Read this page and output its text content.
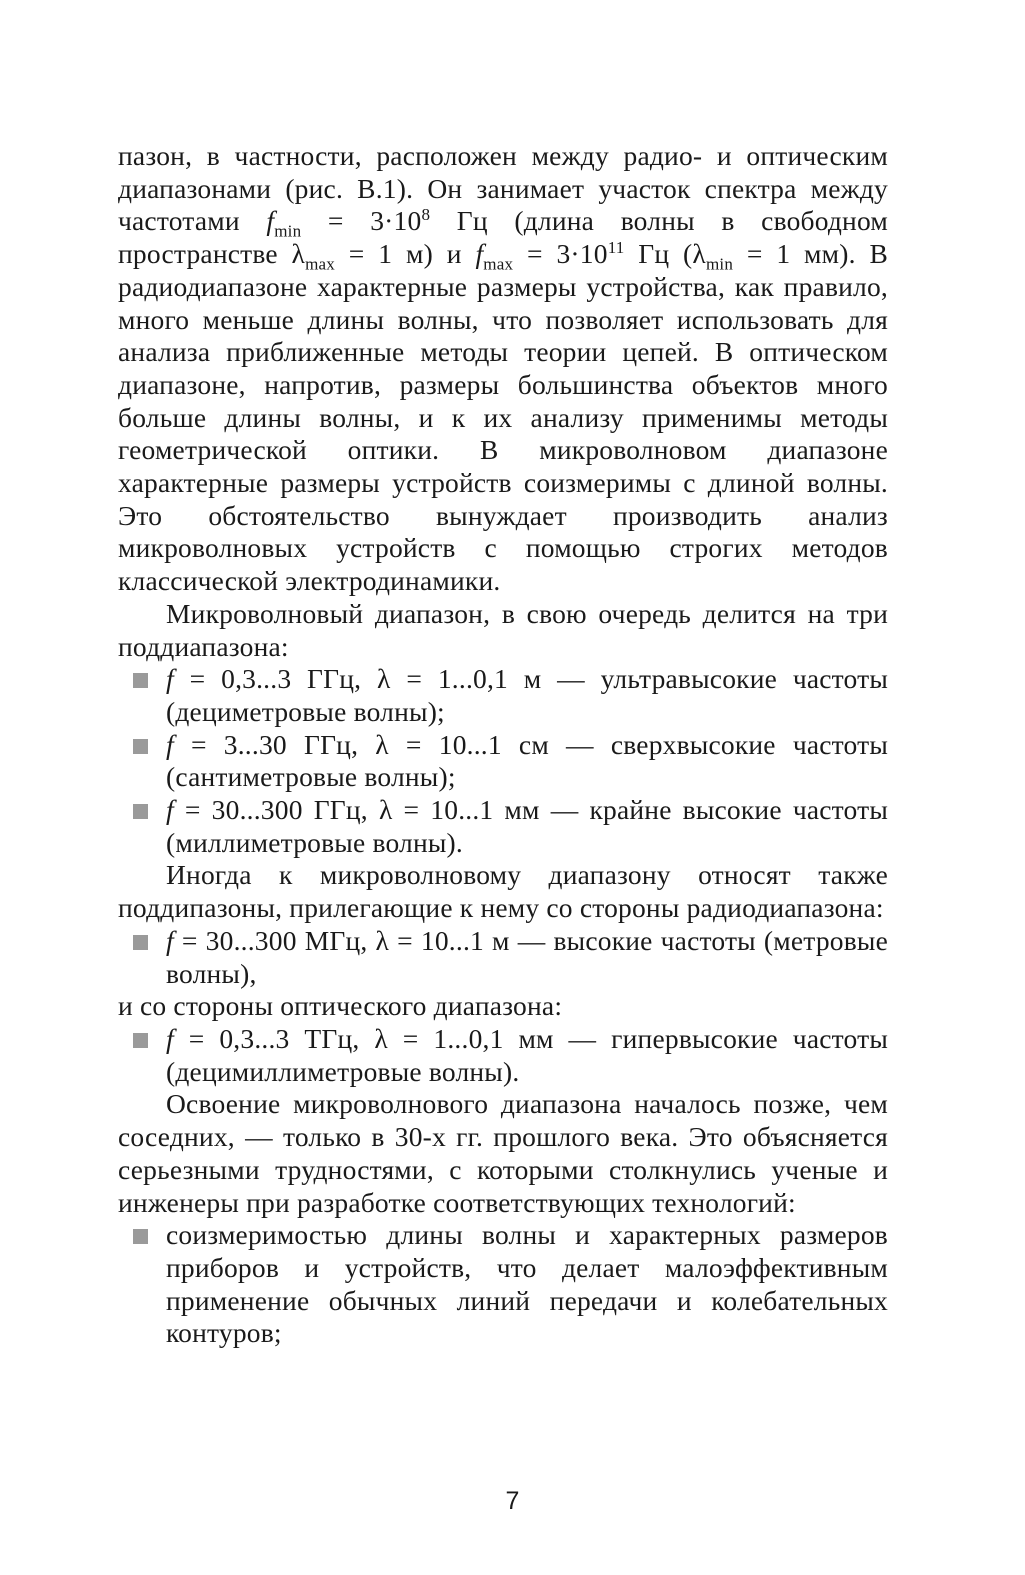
пазон, в частности, расположен между радио- и оптическим диапазонами (рис. В.1). Он занимает участок спектра между частотами $f_{min} = 3\cdot 10^8$ Гц (длина волны в свободном пространстве $\lambda_{max} = 1$ м) и $f_{max} = 3\cdot 10^{11}$ Гц ($\lambda_{min} = 1$ мм). В радиодиапазоне характерные размеры устройства, как правило, много меньше длины волны, что позволяет использовать для анализа приближенные методы теории цепей. В оптическом диапазоне, напротив, размеры большинства объектов много больше длины волны, и к их анализу применимы методы геометрической оптики. В микроволновом диапазоне характерные размеры устройств соизмеримы с длиной волны. Это обстоятельство вынуждает производить анализ микроволновых устройств с помощью строгих методов классической электродинамики.

Микроволновый диапазон, в свою очередь делится на три поддиапазона:

f = 0,3...3 ГГц, λ = 1...0,1 м — ультравысокие частоты (дециметровые волны);
f = 3...30 ГГц, λ = 10...1 см — сверхвысокие частоты (сантиметровые волны);
f = 30...300 ГГц, λ = 10...1 мм — крайне высокие частоты (миллиметровые волны).

Иногда к микроволновому диапазону относят также поддипазоны, прилегающие к нему со стороны радиодиапазона:

f = 30...300 МГц, λ = 10...1 м — высокие частоты (метровые волны),

и со стороны оптического диапазона:

f = 0,3...3 ТГц, λ = 1...0,1 мм — гипервысокие частоты (децимиллиметровые волны).

Освоение микроволнового диапазона началось позже, чем соседних, — только в 30-х гг. прошлого века. Это объясняется серьезными трудностями, с которыми столкнулись ученые и инженеры при разработке соответствующих технологий:

соизмеримостью длины волны и характерных размеров приборов и устройств, что делает малоэффективным применение обычных линий передачи и колебательных контуров;
7
